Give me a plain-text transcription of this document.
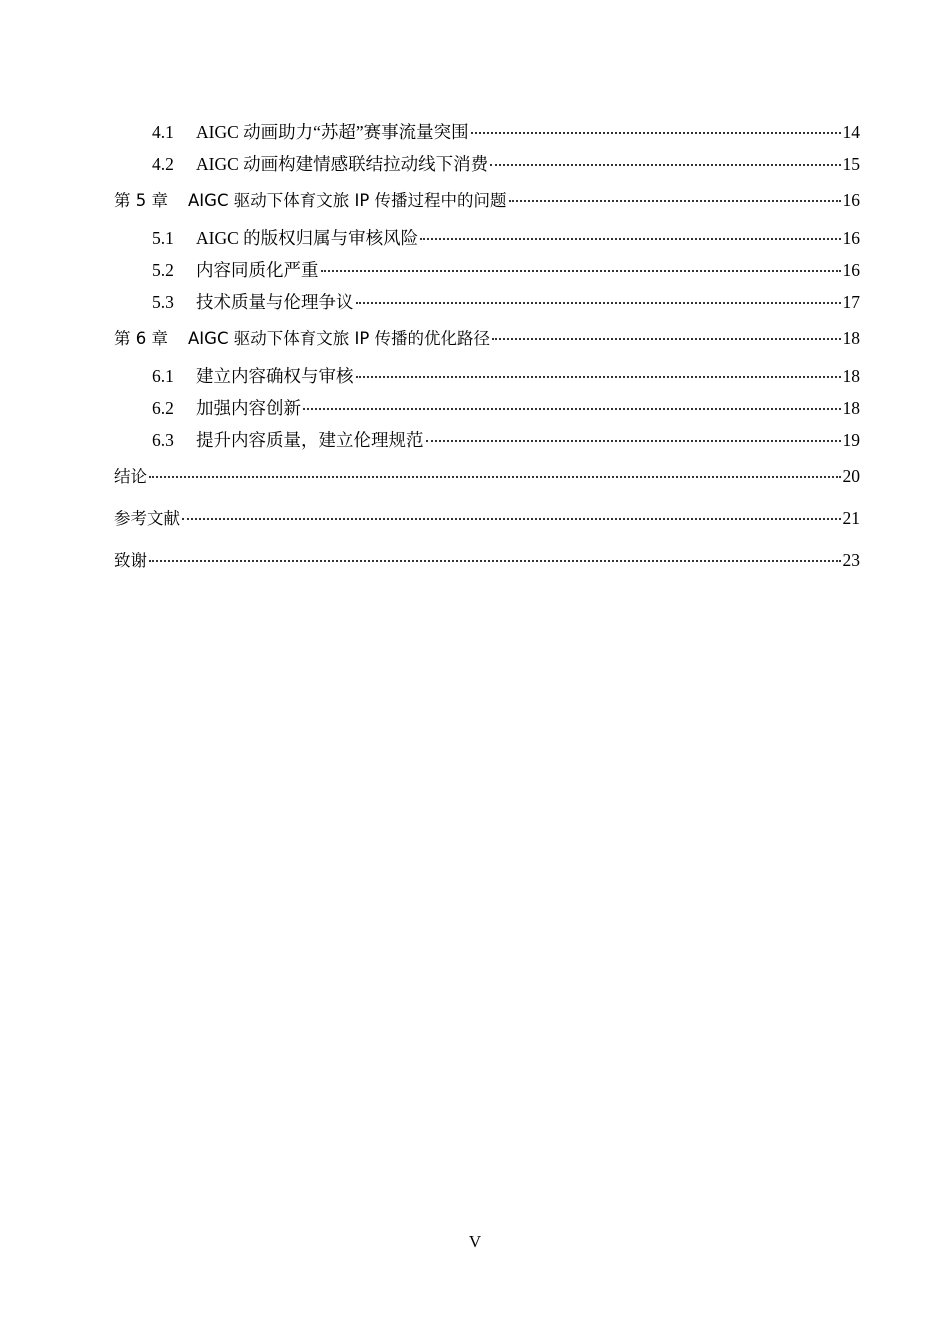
4.1	AIGC 动画助力“苏超”赛事流量突围	14
4.2	AIGC 动画构建情感联结拉动线下消费	15
第 5 章	AIGC 驱动下体育文旅 IP 传播过程中的问题	16
5.1	AIGC 的版权归属与审核风险	16
5.2	内容同质化严重	16
5.3	技术质量与伦理争议	17
第 6 章	AIGC 驱动下体育文旅 IP 传播的优化路径	18
6.1	建立内容确权与审核	18
6.2	加强内容创新	18
6.3	提升内容质量，建立伦理规范	19
结论	20
参考文献	21
致谢	23
V
